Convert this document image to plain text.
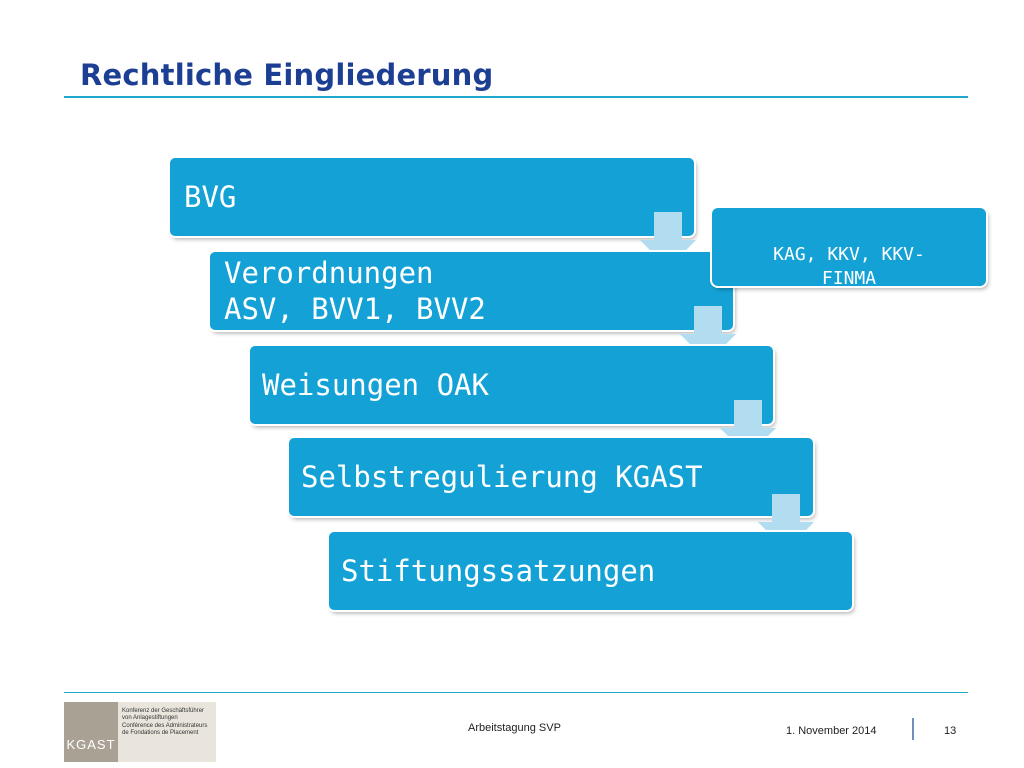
Rechtliche Eingliederung
BVG
Verordnungen
ASV, BVV1, BVV2
Weisungen OAK
Selbstregulierung KGAST
Stiftungssatzungen

KAG, KKV, KKV-
FINMA

KGAST
Konferenz der Geschäftsführer
von Anlagestiftungen
Conférence des Administrateurs
de Fondations de Placement	Arbeitstagung SVP	1. November 2014	13
